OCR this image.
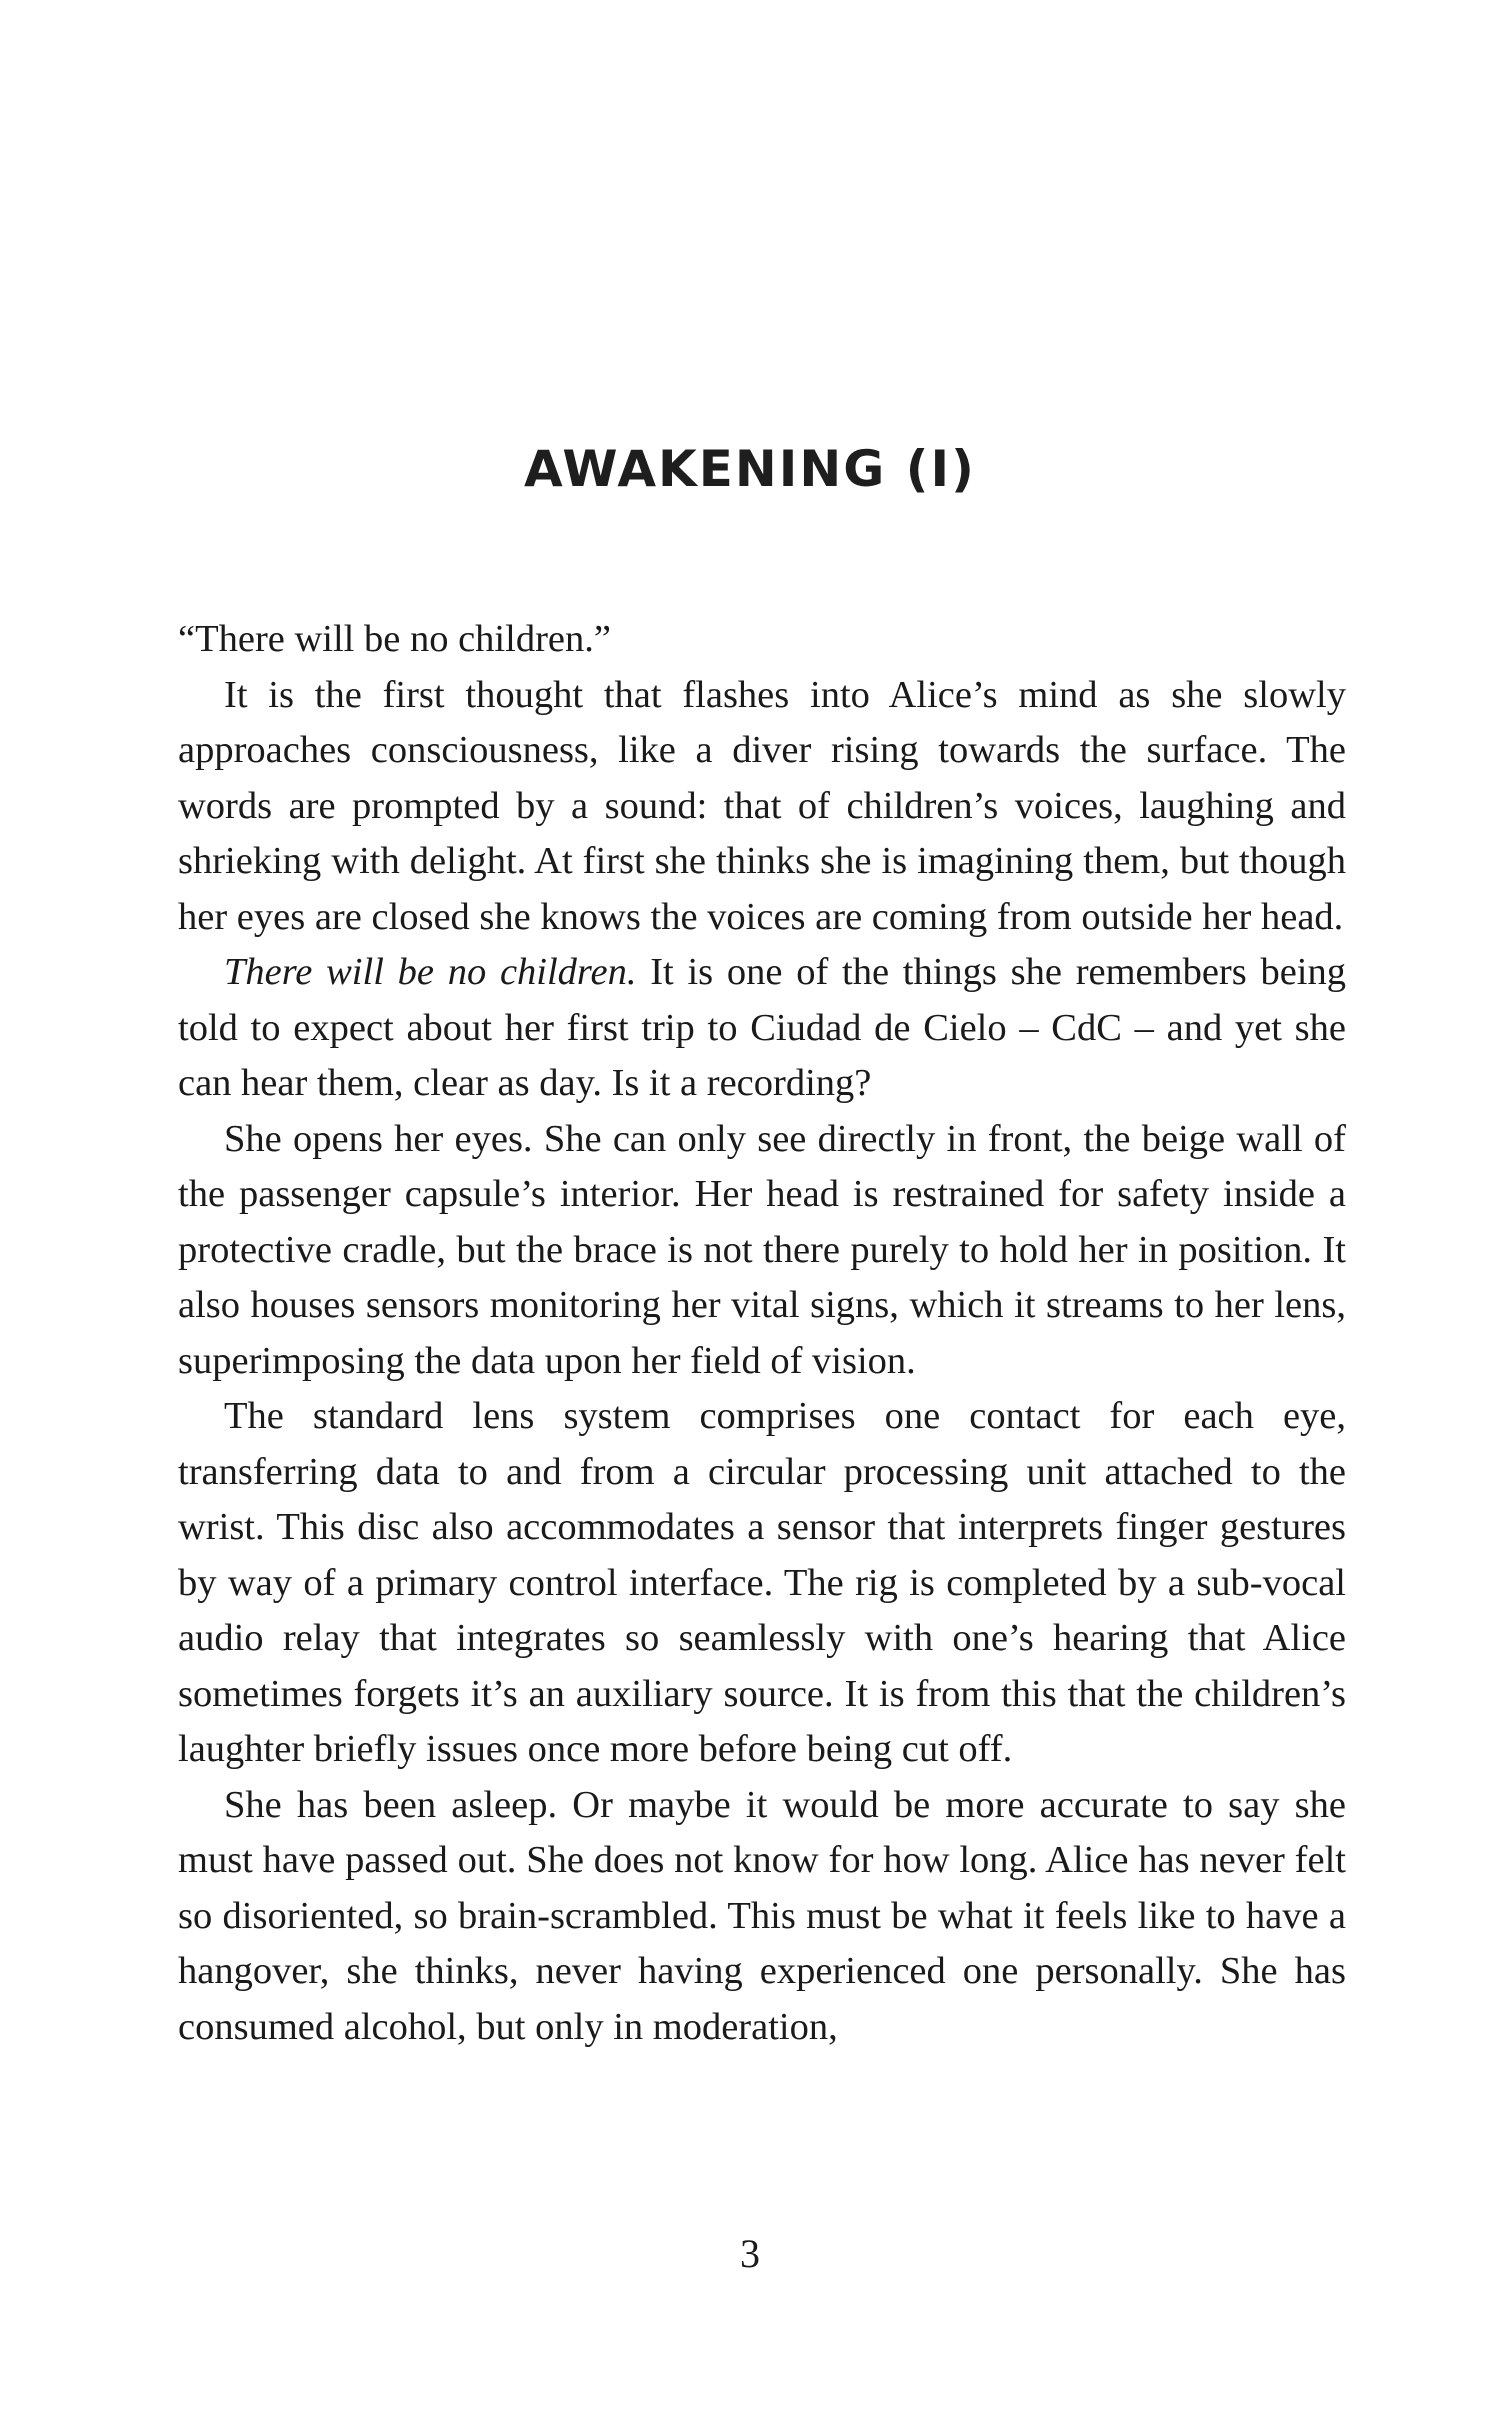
AWAKENING (I)

“There will be no children.”

It is the first thought that flashes into Alice’s mind as she slowly approaches consciousness, like a diver rising towards the surface. The words are prompted by a sound: that of children’s voices, laughing and shrieking with delight. At first she thinks she is imagining them, but though her eyes are closed she knows the voices are coming from outside her head.

There will be no children. It is one of the things she remembers being told to expect about her first trip to Ciudad de Cielo – CdC – and yet she can hear them, clear as day. Is it a recording?

She opens her eyes. She can only see directly in front, the beige wall of the passenger capsule’s interior. Her head is restrained for safety inside a protective cradle, but the brace is not there purely to hold her in position. It also houses sensors monitoring her vital signs, which it streams to her lens, superimposing the data upon her field of vision.

The standard lens system comprises one contact for each eye, transferring data to and from a circular processing unit attached to the wrist. This disc also accommodates a sensor that interprets finger gestures by way of a primary control interface. The rig is completed by a sub-vocal audio relay that integrates so seamlessly with one’s hearing that Alice sometimes forgets it’s an auxiliary source. It is from this that the children’s laughter briefly issues once more before being cut off.

She has been asleep. Or maybe it would be more accurate to say she must have passed out. She does not know for how long. Alice has never felt so disoriented, so brain-scrambled. This must be what it feels like to have a hangover, she thinks, never having experienced one personally. She has consumed alcohol, but only in moderation,

3
